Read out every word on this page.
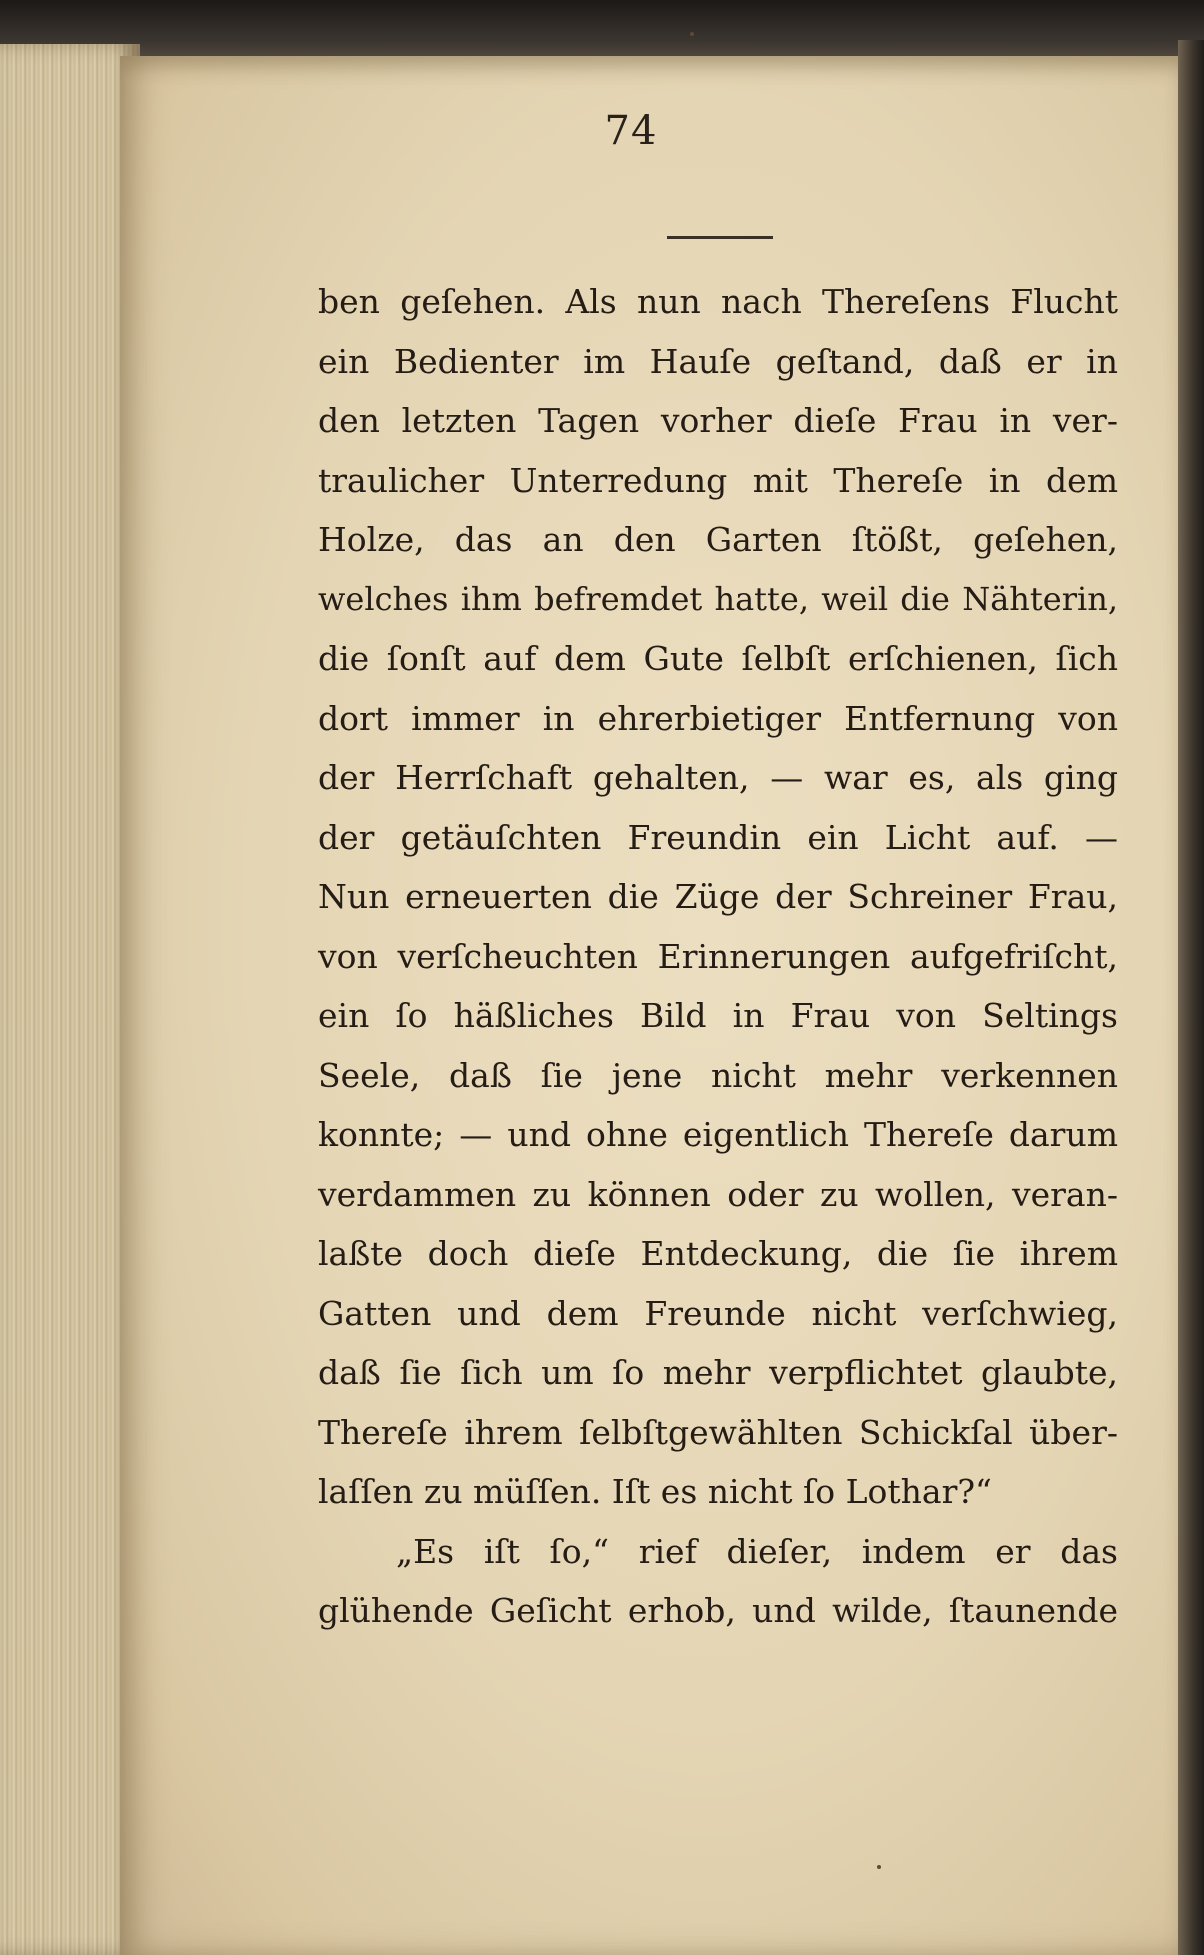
74
ben geſehen. Als nun nach Thereſens Flucht
ein Bedienter im Hauſe geſtand, daß er in
den letzten Tagen vorher dieſe Frau in ver-
traulicher Unterredung mit Thereſe in dem
Holze, das an den Garten ſtößt, geſehen,
welches ihm befremdet hatte, weil die Nähterin,
die ſonſt auf dem Gute ſelbſt erſchienen, ſich
dort immer in ehrerbietiger Entfernung von
der Herrſchaft gehalten, — war es, als ging
der getäuſchten Freundin ein Licht auf. —
Nun erneuerten die Züge der Schreiner Frau,
von verſcheuchten Erinnerungen aufgefriſcht,
ein ſo häßliches Bild in Frau von Seltings
Seele, daß ſie jene nicht mehr verkennen
konnte; — und ohne eigentlich Thereſe darum
verdammen zu können oder zu wollen, veran-
laßte doch dieſe Entdeckung, die ſie ihrem
Gatten und dem Freunde nicht verſchwieg,
daß ſie ſich um ſo mehr verpflichtet glaubte,
Thereſe ihrem ſelbſtgewählten Schickſal über-
laſſen zu müſſen. Iſt es nicht ſo Lothar?“
„Es iſt ſo,“ rief dieſer, indem er das
glühende Geſicht erhob, und wilde, ſtaunende
